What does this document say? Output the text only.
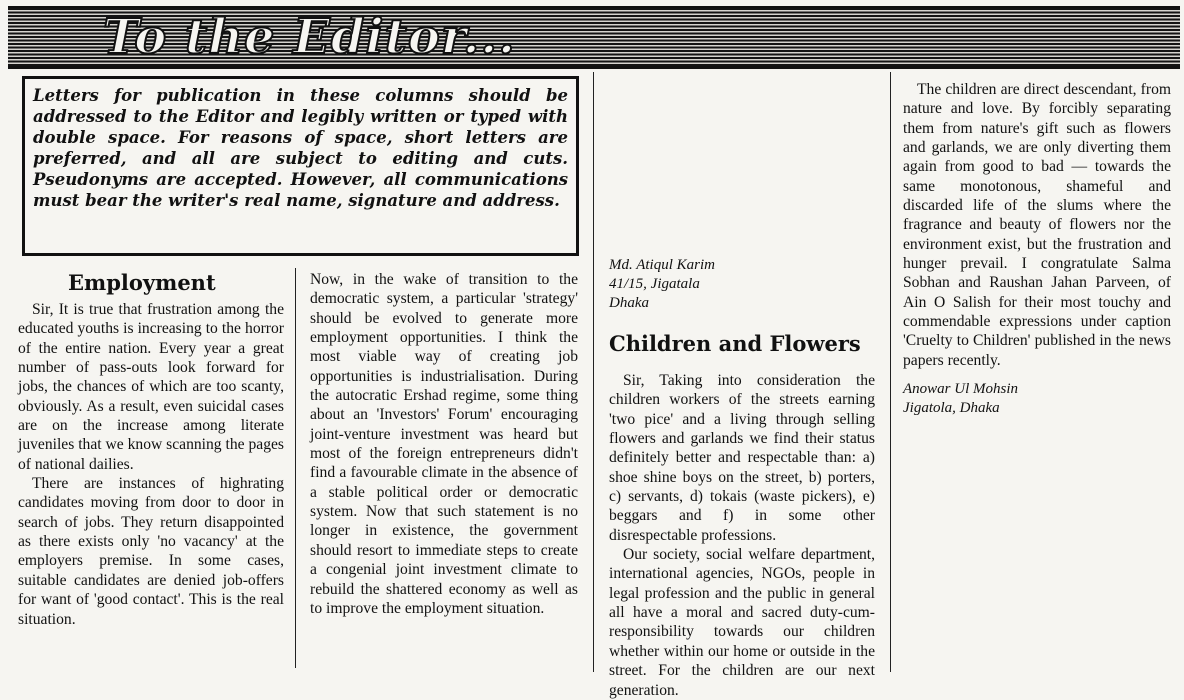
To the Editor...

Letters for publication in these columns should be addressed to the Editor and legibly written or typed with double space. For reasons of space, short letters are preferred, and all are subject to editing and cuts. Pseudonyms are accepted. However, all communications must bear the writer's real name, signature and address.

Employment

Sir, It is true that frustration among the educated youths is increasing to the horror of the entire nation. Every year a great number of pass-outs look forward for jobs, the chances of which are too scanty, obviously. As a result, even suicidal cases are on the increase among literate juveniles that we know scanning the pages of national dailies.

There are instances of highrating candidates moving from door to door in search of jobs. They return disappointed as there exists only 'no vacancy' at the employers premise. In some cases, suitable candidates are denied job-offers for want of 'good contact'. This is the real situation.

Now, in the wake of transition to the democratic system, a particular 'strategy' should be evolved to generate more employment opportunities. I think the most viable way of creating job opportunities is industrialisation. During the autocratic Ershad regime, some thing about an 'Investors' Forum' encouraging joint-venture investment was heard but most of the foreign entrepreneurs didn't find a favourable climate in the absence of a stable political order or democratic system. Now that such statement is no longer in existence, the government should resort to immediate steps to create a congenial joint investment climate to rebuild the shattered economy as well as to improve the employment situation.

Md. Atiqul Karim
41/15, Jigatala
Dhaka
Children and Flowers

Sir, Taking into consideration the children workers of the streets earning 'two pice' and a living through selling flowers and garlands we find their status definitely better and respectable than: a) shoe shine boys on the street, b) porters, c) servants, d) tokais (waste pickers), e) beggars and f) in some other disrespectable professions.

Our society, social welfare department, international agencies, NGOs, people in legal profession and the public in general all have a moral and sacred duty-cum-responsibility towards our children whether within our home or outside in the street. For the children are our next generation.

The children are direct descendant, from nature and love. By forcibly separating them from nature's gift such as flowers and garlands, we are only diverting them again from good to bad — towards the same monotonous, shameful and discarded life of the slums where the fragrance and beauty of flowers nor the environment exist, but the frustration and hunger prevail. I congratulate Salma Sobhan and Raushan Jahan Parveen, of Ain O Salish for their most touchy and commendable expressions under caption 'Cruelty to Children' published in the news papers recently.

Anowar Ul Mohsin
Jigatola, Dhaka
